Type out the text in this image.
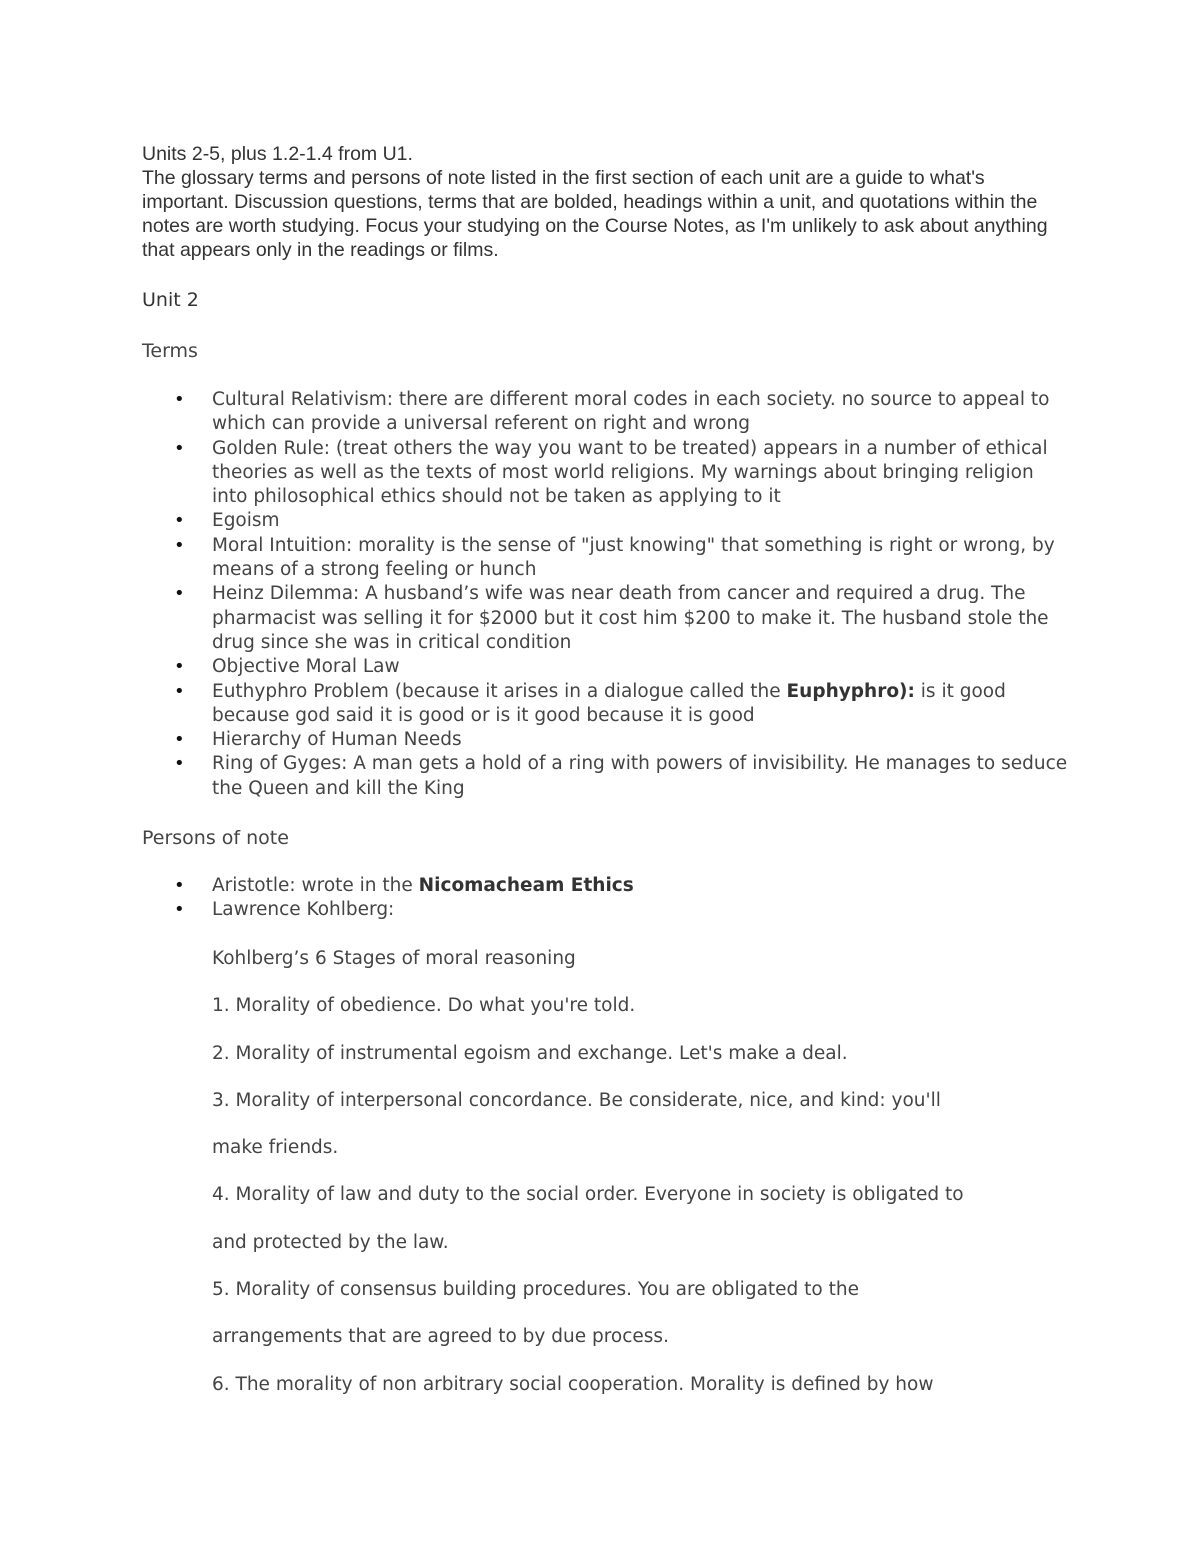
Units 2-5, plus 1.2-1.4 from U1.

The glossary terms and persons of note listed in the first section of each unit are a guide to what's important. Discussion questions, terms that are bolded, headings within a unit, and quotations within the notes are worth studying. Focus your studying on the Course Notes, as I'm unlikely to ask about anything that appears only in the readings or films.

Unit 2
Terms
• Cultural Relativism: there are different moral codes in each society. no source to appeal to which can provide a universal referent on right and wrong
• Golden Rule: (treat others the way you want to be treated) appears in a number of ethical theories as well as the texts of most world religions. My warnings about bringing religion into philosophical ethics should not be taken as applying to it
• Egoism
• Moral Intuition: morality is the sense of "just knowing" that something is right or wrong, by means of a strong feeling or hunch
• Heinz Dilemma: A husband’s wife was near death from cancer and required a drug. The pharmacist was selling it for $2000 but it cost him $200 to make it. The husband stole the drug since she was in critical condition
• Objective Moral Law
• Euthyphro Problem (because it arises in a dialogue called the Euphyphro): is it good because god said it is good or is it good because it is good
• Hierarchy of Human Needs
• Ring of Gyges: A man gets a hold of a ring with powers of invisibility. He manages to seduce the Queen and kill the King
Persons of note
• Aristotle: wrote in the Nicomacheam Ethics
• Lawrence Kohlberg:
Kohlberg’s 6 Stages of moral reasoning
1. Morality of obedience. Do what you're told.
2. Morality of instrumental egoism and exchange. Let's make a deal.
3. Morality of interpersonal concordance. Be considerate, nice, and kind: you'll
make friends.
4. Morality of law and duty to the social order. Everyone in society is obligated to
and protected by the law.
5. Morality of consensus building procedures. You are obligated to the
arrangements that are agreed to by due process.
6. The morality of non arbitrary social cooperation. Morality is defined by how
